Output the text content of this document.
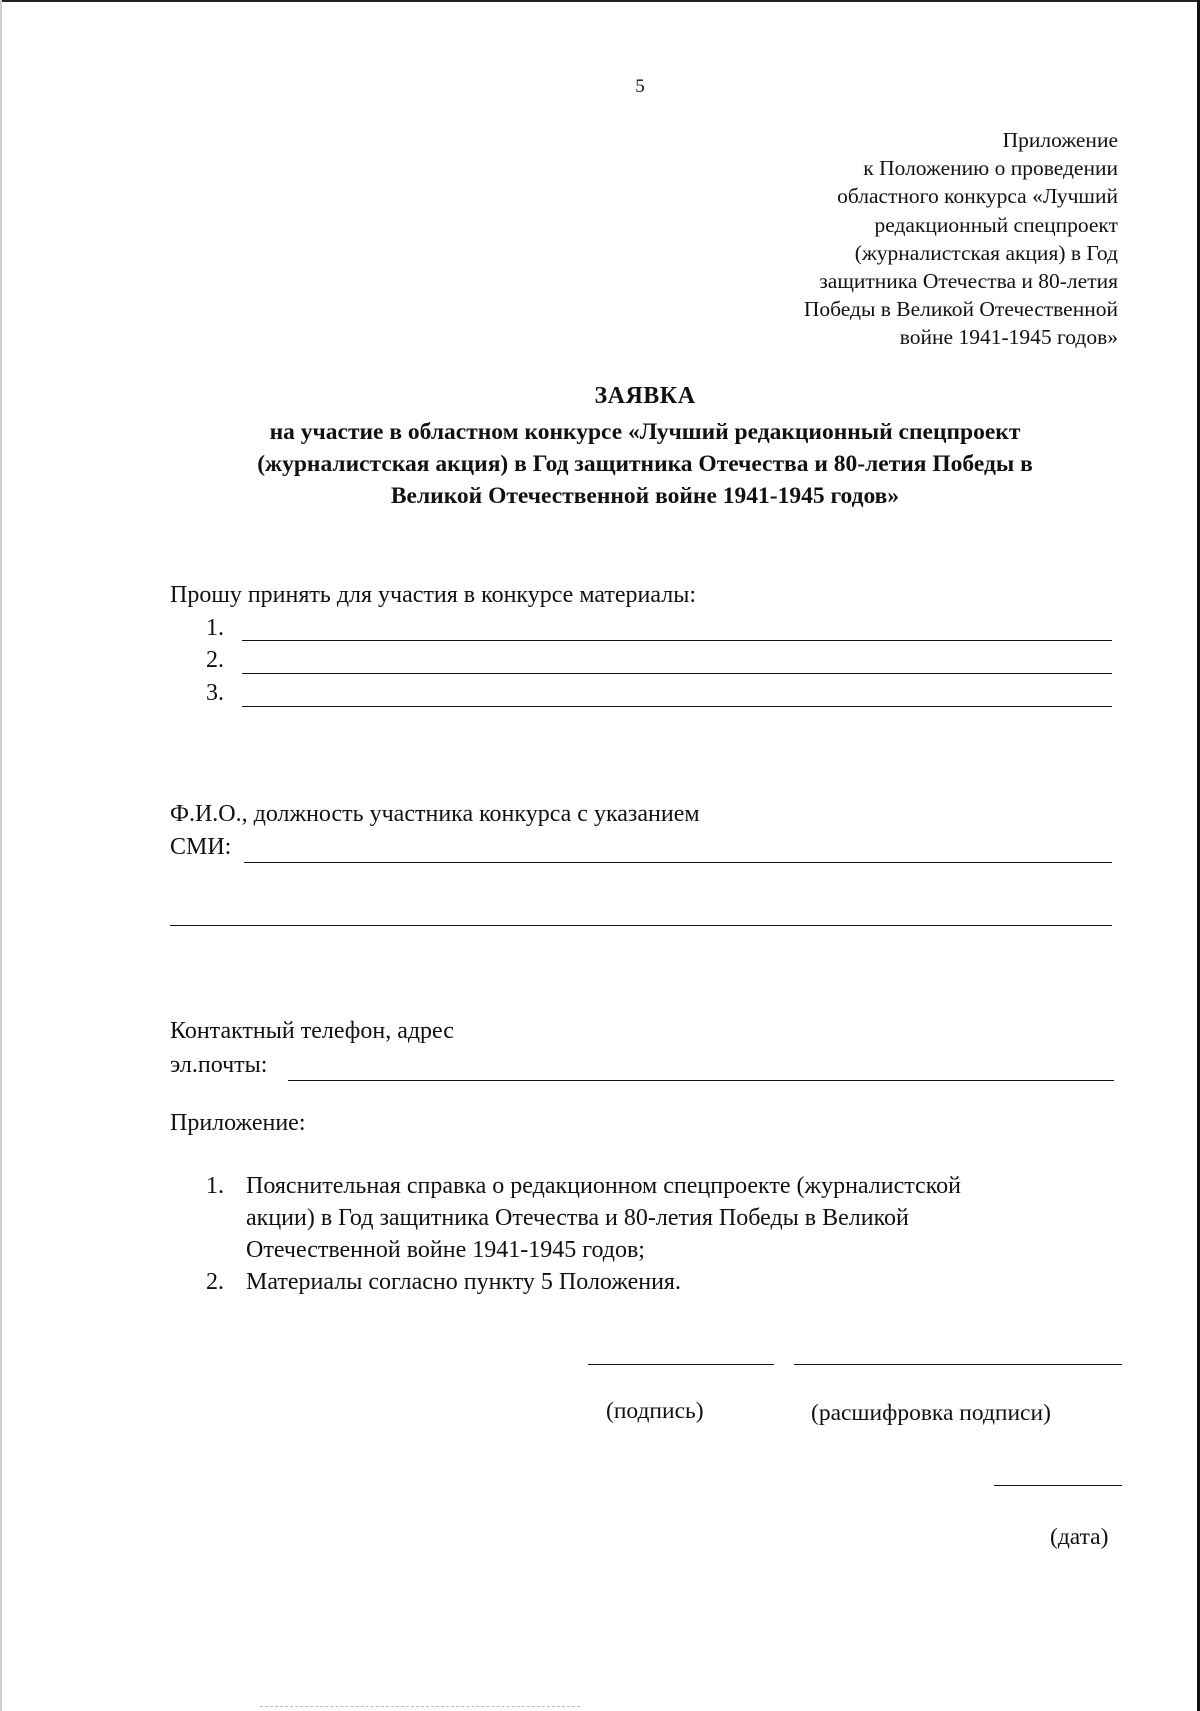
5
Приложение
к Положению о проведении
областного конкурса «Лучший
редакционный спецпроект
(журналистская акция) в Год
защитника Отечества и 80-летия
Победы в Великой Отечественной
войне 1941-1945 годов»
ЗАЯВКА
на участие в областном конкурсе «Лучший редакционный спецпроект
(журналистская акция) в Год защитника Отечества и 80-летия Победы в
Великой Отечественной войне 1941-1945 годов»
Прошу принять для участия в конкурсе материалы:
1.
2.
3.
Ф.И.О., должность участника конкурса с указанием
СМИ:
Контактный телефон, адрес
эл.почты:
Приложение:
1. Пояснительная справка о редакционном спецпроекте (журналистской
акции) в Год защитника Отечества и 80-летия Победы в Великой
Отечественной войне 1941-1945 годов;
2. Материалы согласно пункту 5 Положения.
(подпись)	(расшифровка подписи)
(дата)
